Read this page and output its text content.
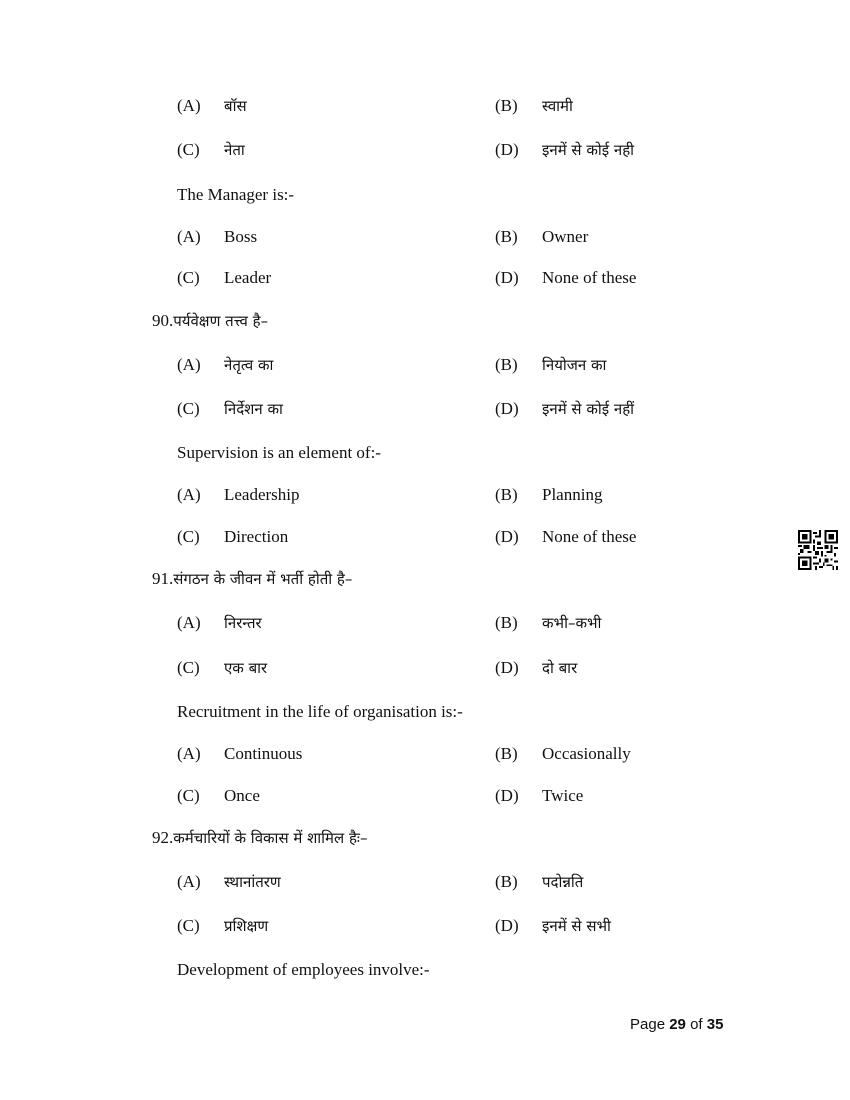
(A) बॉस	(B) स्वामी
(C) नेता	(D) इनमें से कोई नही
The Manager is:-
(A) Boss	(B) Owner
(C) Leader	(D) None of these
90.पर्यवेक्षण तत्त्व है–
(A) नेतृत्व का	(B) नियोजन का
(C) निर्देशन का	(D) इनमें से कोई नहीं
Supervision is an element of:-
(A) Leadership	(B) Planning
(C) Direction	(D) None of these
91.संगठन के जीवन में भर्ती होती है–
(A) निरन्तर	(B) कभी–कभी
(C) एक बार	(D) दो बार
Recruitment in the life of organisation is:-
(A) Continuous	(B) Occasionally
(C) Once	(D) Twice
92.कर्मचारियों के विकास में शामिल हैः–
(A) स्थानांतरण	(B) पदोन्नति
(C) प्रशिक्षण	(D) इनमें से सभी
Development of employees involve:-
Page 29 of 35
